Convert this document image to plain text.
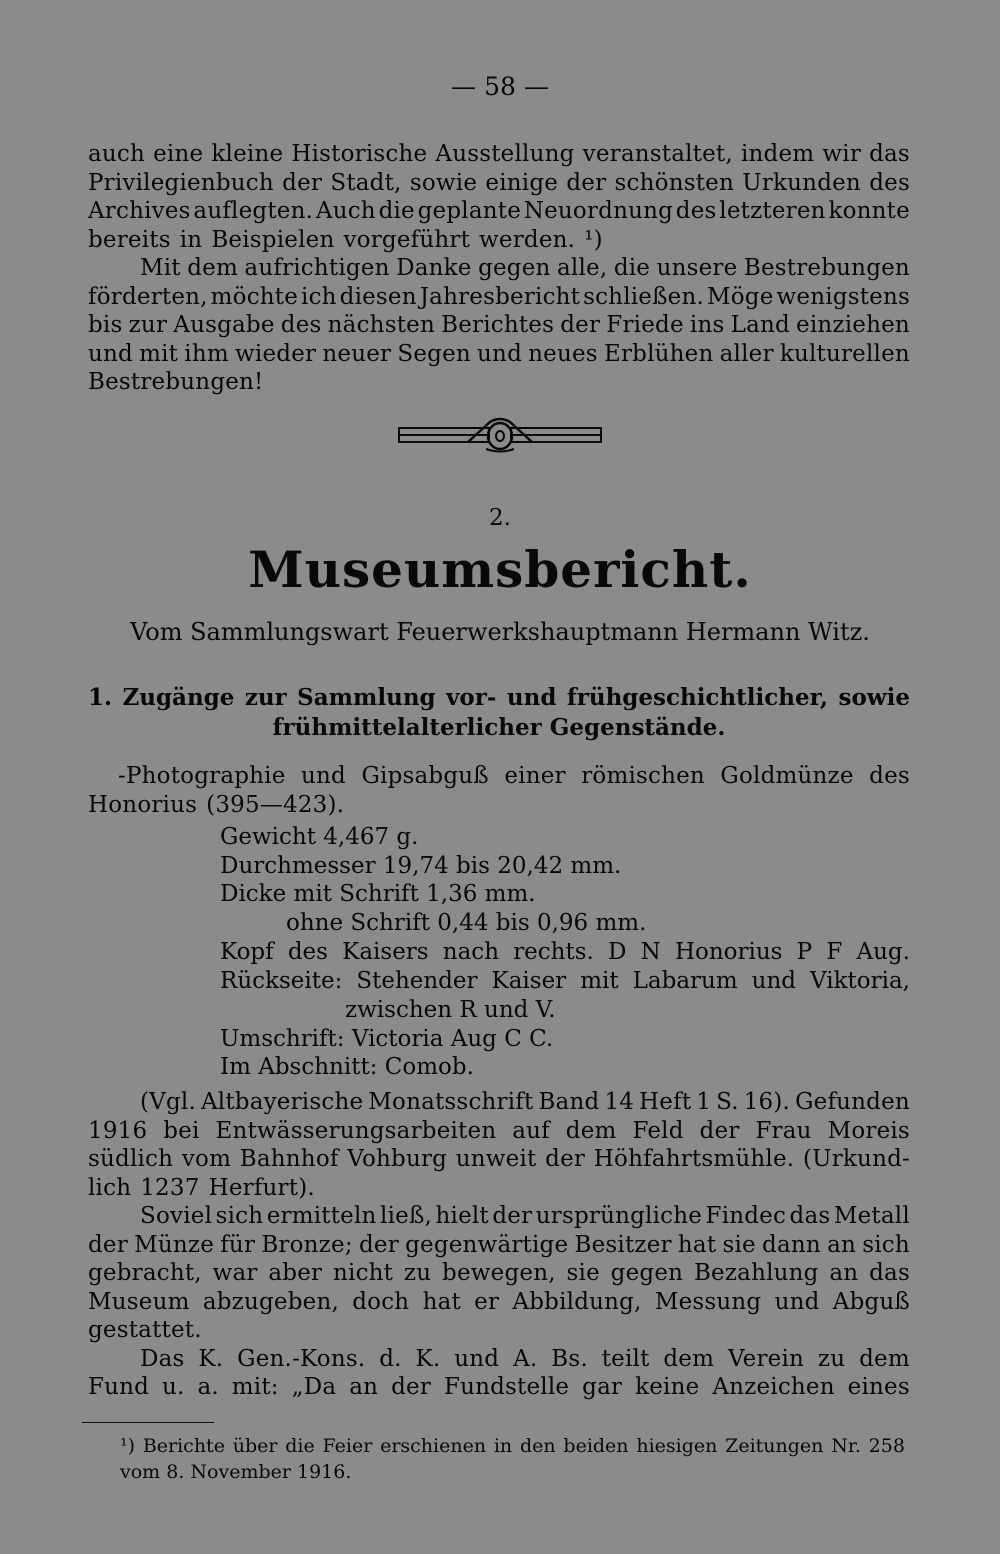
— 58 —
auch eine kleine Historische Ausstellung veranstaltet, indem wir das
Privilegienbuch der Stadt, sowie einige der schönsten Urkunden des
Archives auflegten. Auch die geplante Neuordnung des letzteren konnte
bereits in Beispielen vorgeführt werden. ¹)
Mit dem aufrichtigen Danke gegen alle, die unsere Bestrebungen
förderten, möchte ich diesen Jahresbericht schließen. Möge wenigstens
bis zur Ausgabe des nächsten Berichtes der Friede ins Land einziehen
und mit ihm wieder neuer Segen und neues Erblühen aller kulturellen
Bestrebungen!
2.
Museumsbericht.
Vom Sammlungswart Feuerwerkshauptmann Hermann Witz.
1. Zugänge zur Sammlung vor- und frühgeschichtlicher, sowie
frühmittelalterlicher Gegenstände.
-Photographie und Gipsabguß einer römischen Goldmünze des
Honorius (395—423).
Gewicht 4,467 g.
Durchmesser 19,74 bis 20,42 mm.
Dicke mit Schrift 1,36 mm.
ohne Schrift 0,44 bis 0,96 mm.
Kopf des Kaisers nach rechts. D N Honorius P F Aug.
Rückseite: Stehender Kaiser mit Labarum und Viktoria,
zwischen R und V.
Umschrift: Victoria Aug C C.
Im Abschnitt: Comob.
(Vgl. Altbayerische Monatsschrift Band 14 Heft 1 S. 16). Gefunden
1916 bei Entwässerungsarbeiten auf dem Feld der Frau Moreis
südlich vom Bahnhof Vohburg unweit der Höhfahrtsmühle. (Urkund-
lich 1237 Herfurt).
Soviel sich ermitteln ließ, hielt der ursprüngliche Findec das Metall
der Münze für Bronze; der gegenwärtige Besitzer hat sie dann an sich
gebracht, war aber nicht zu bewegen, sie gegen Bezahlung an das
Museum abzugeben, doch hat er Abbildung, Messung und Abguß
gestattet.
Das K. Gen.-Kons. d. K. und A. Bs. teilt dem Verein zu dem
Fund u. a. mit: „Da an der Fundstelle gar keine Anzeichen eines
¹) Berichte über die Feier erschienen in den beiden hiesigen Zeitungen Nr. 258
vom 8. November 1916.
